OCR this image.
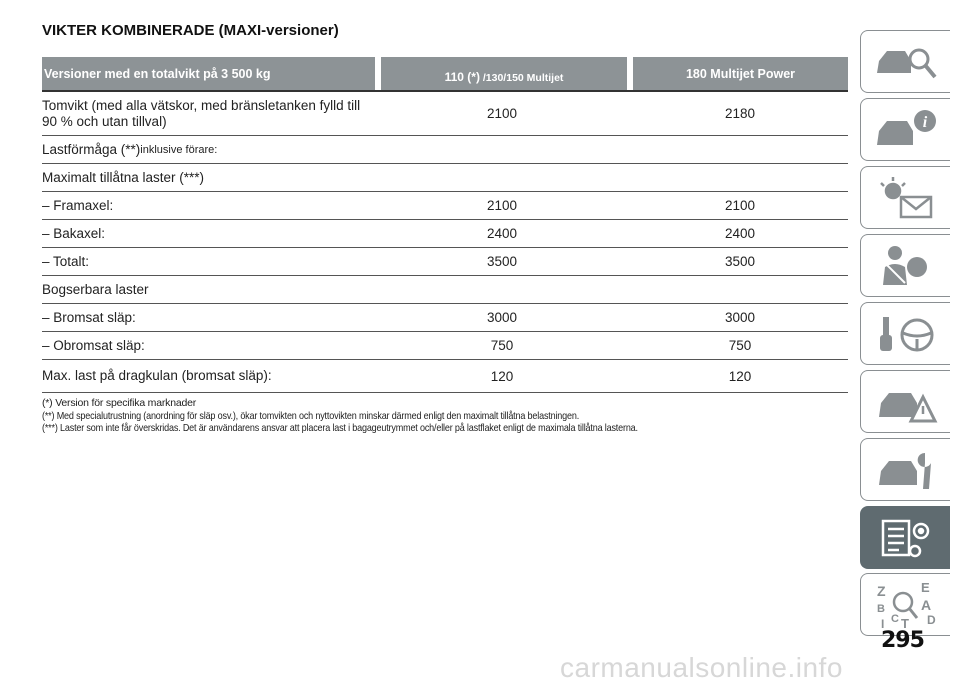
VIKTER KOMBINERADE (MAXI-versioner)
Versioner med en totalvikt på 3 500 kg	110 (*) /130/150 Multijet	180 Multijet Power
Tomvikt (med alla vätskor, med bränsletanken fylld till 90 % och utan tillval)	2100	2180
Lastförmåga (**) inklusive förare:
Maximalt tillåtna laster (***)
– Framaxel:	2100	2100
– Bakaxel:	2400	2400
– Totalt:	3500	3500
Bogserbara laster
– Bromsat släp:	3000	3000
– Obromsat släp:	750	750
Max. last på dragkulan (bromsat släp):	120	120
(*) Version för specifika marknader
(**) Med specialutrustning (anordning för släp osv.), ökar tomvikten och nyttovikten minskar därmed enligt den maximalt tillåtna belastningen.
(***) Laster som inte får överskridas. Det är användarens ansvar att placera last i bagageutrymmet och/eller på lastflaket enligt de maximala tillåtna lasterna.
i
Z	E
A
B
C D
I T
295
carmanualsonline.info
